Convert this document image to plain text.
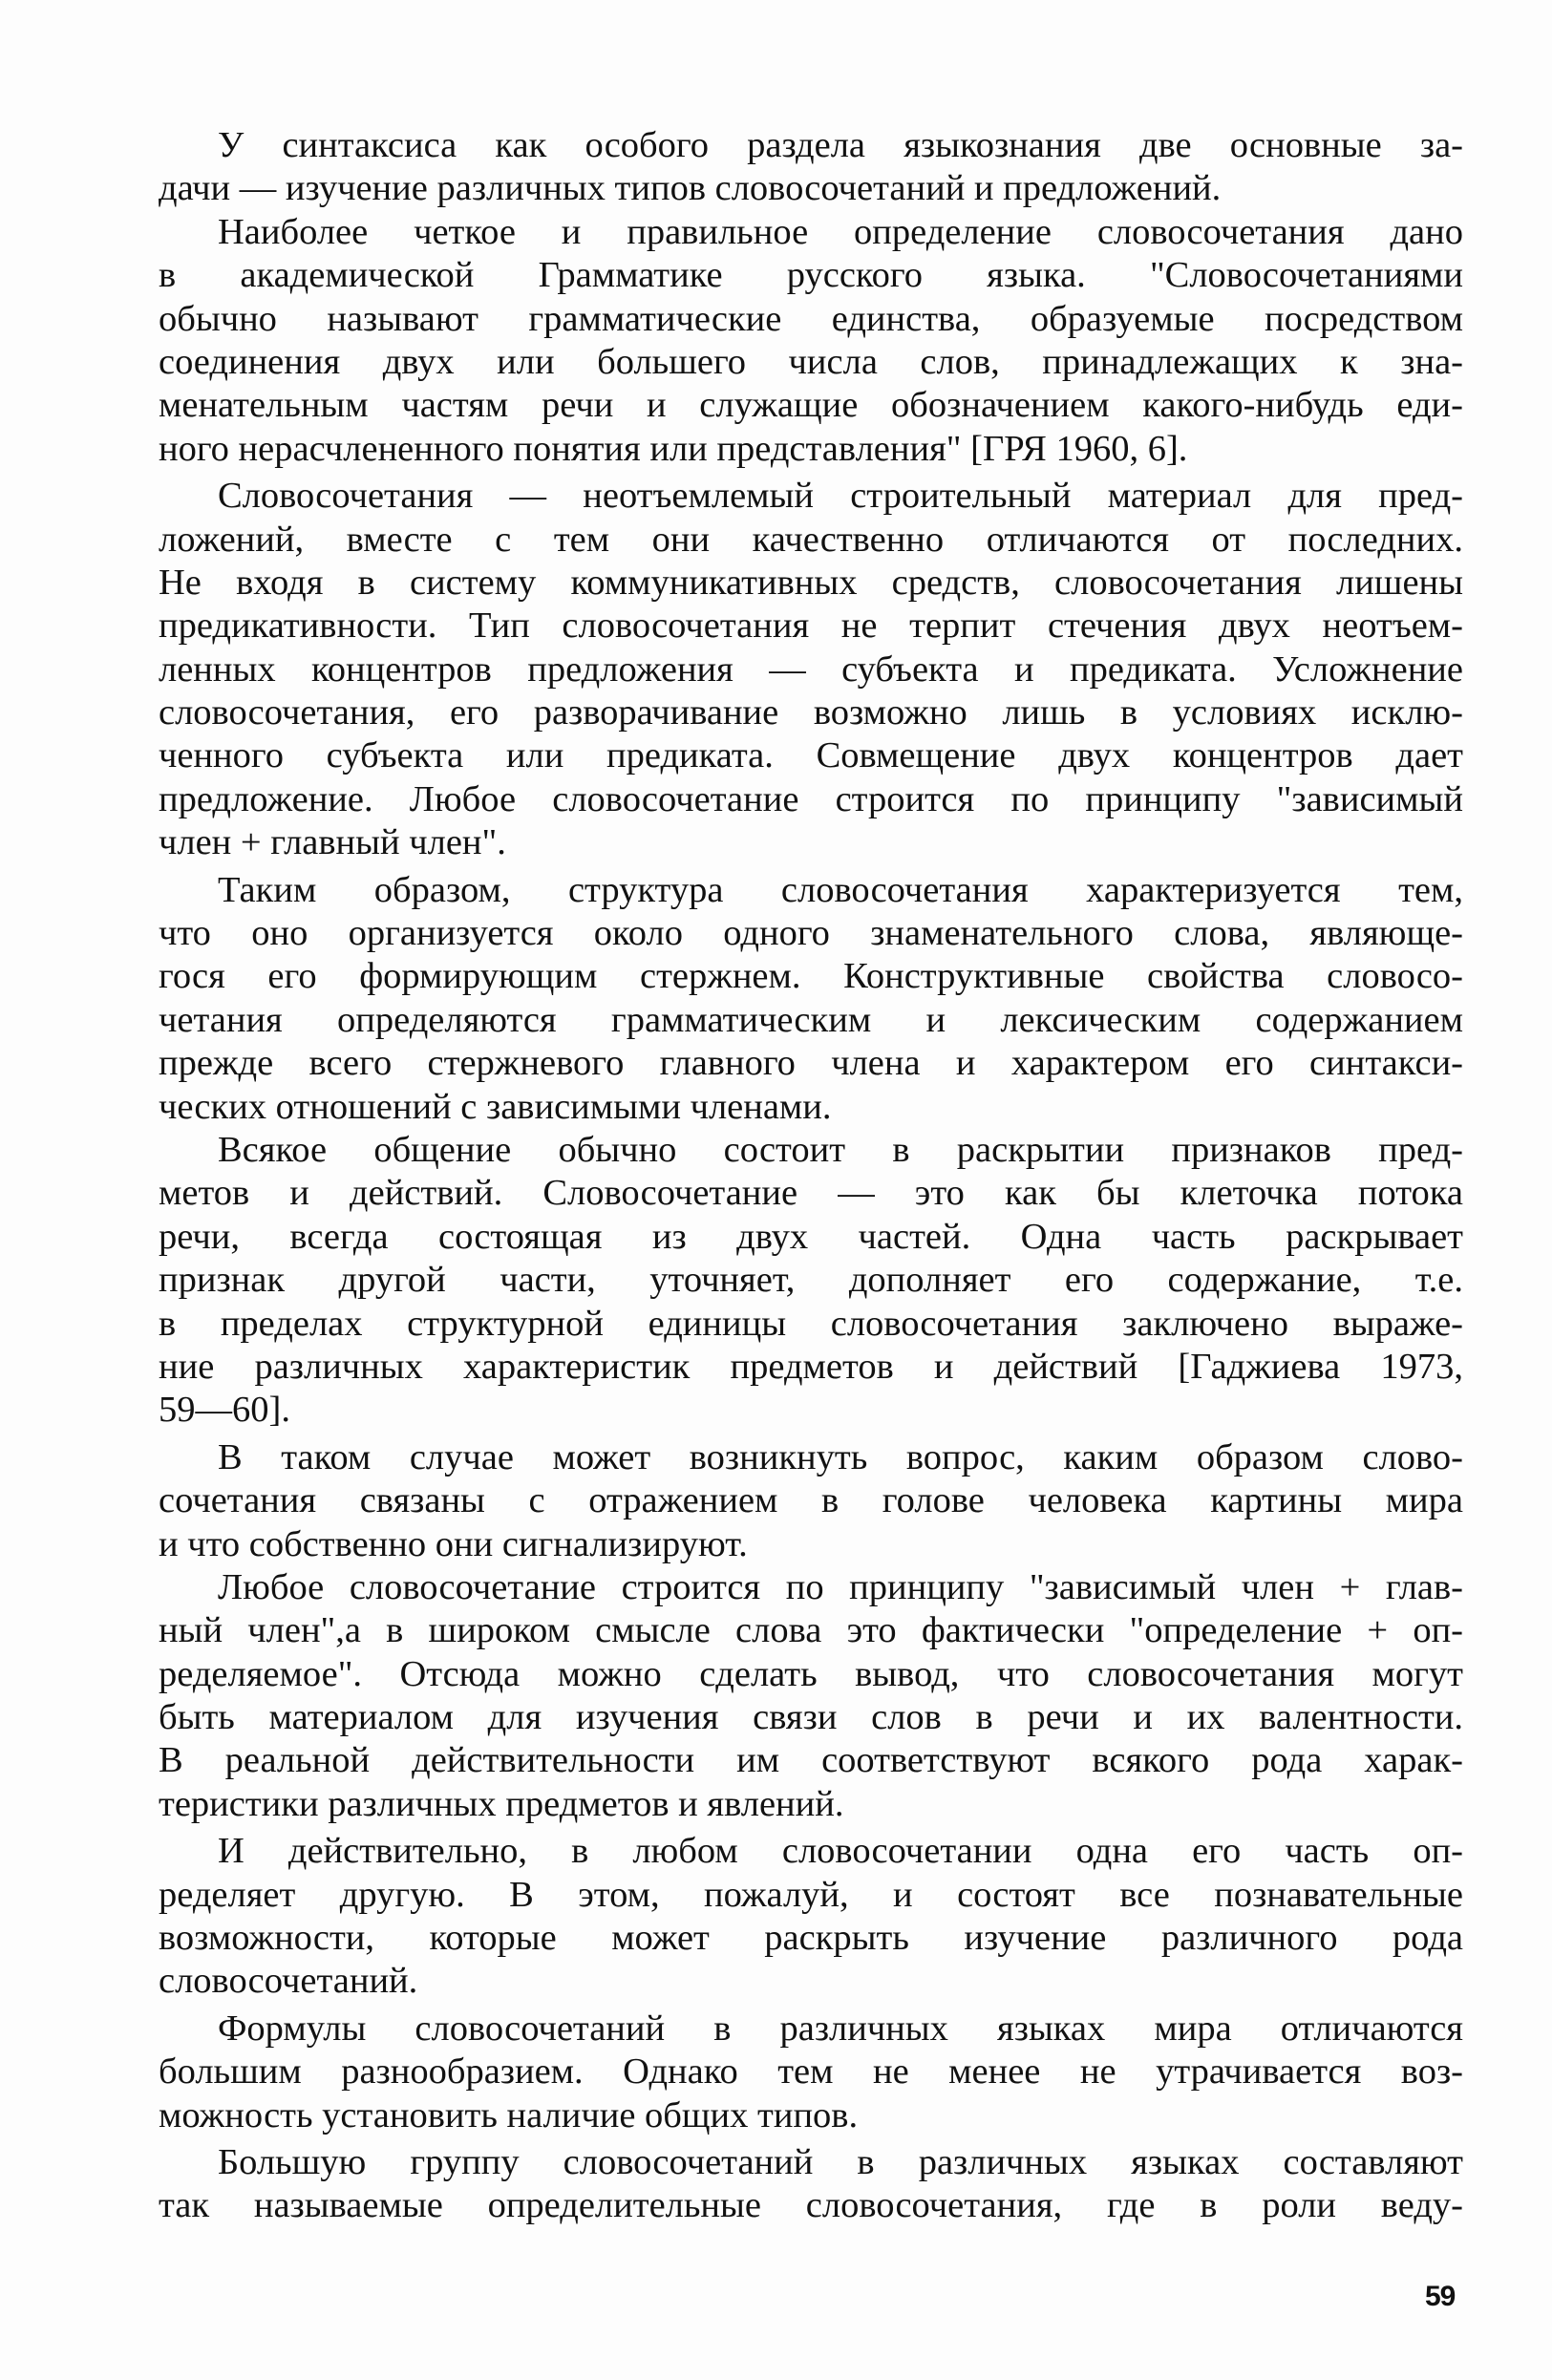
У синтаксиса как особого раздела языкознания две основные за-
дачи — изучение различных типов словосочетаний и предложений.
Наиболее четкое и правильное определение словосочетания дано
в академической Грамматике русского языка. "Словосочетаниями
обычно называют грамматические единства, образуемые посредством
соединения двух или большего числа слов, принадлежащих к зна-
менательным частям речи и служащие обозначением какого-нибудь еди-
ного нерасчлененного понятия или представления" [ГРЯ 1960, 6].
Словосочетания — неотъемлемый строительный материал для пред-
ложений, вместе с тем они качественно отличаются от последних.
Не входя в систему коммуникативных средств, словосочетания лишены
предикативности. Тип словосочетания не терпит стечения двух неотъем-
ленных концентров предложения — субъекта и предиката. Усложнение
словосочетания, его разворачивание возможно лишь в условиях исклю-
ченного субъекта или предиката. Совмещение двух концентров дает
предложение. Любое словосочетание строится по принципу "зависимый
член + главный член".
Таким образом, структура словосочетания характеризуется тем,
что оно организуется около одного знаменательного слова, являюще-
гося его формирующим стержнем. Конструктивные свойства словосо-
четания определяются грамматическим и лексическим содержанием
прежде всего стержневого главного члена и характером его синтакси-
ческих отношений с зависимыми членами.
Всякое общение обычно состоит в раскрытии признаков пред-
метов и действий. Словосочетание — это как бы клеточка потока
речи, всегда состоящая из двух частей. Одна часть раскрывает
признак другой части, уточняет, дополняет его содержание, т.е.
в пределах структурной единицы словосочетания заключено выраже-
ние различных характеристик предметов и действий [Гаджиева 1973,
59—60].
В таком случае может возникнуть вопрос, каким образом слово-
сочетания связаны с отражением в голове человека картины мира
и что собственно они сигнализируют.
Любое словосочетание строится по принципу "зависимый член + глав-
ный член",а в широком смысле слова это фактически "определение + оп-
ределяемое". Отсюда можно сделать вывод, что словосочетания могут
быть материалом для изучения связи слов в речи и их валентности.
В реальной действительности им соответствуют всякого рода харак-
теристики различных предметов и явлений.
И действительно, в любом словосочетании одна его часть оп-
ределяет другую. В этом, пожалуй, и состоят все познавательные
возможности, которые может раскрыть изучение различного рода
словосочетаний.
Формулы словосочетаний в различных языках мира отличаются
большим разнообразием. Однако тем не менее не утрачивается воз-
можность установить наличие общих типов.
Большую группу словосочетаний в различных языках составляют
так называемые определительные словосочетания, где в роли веду-
59
